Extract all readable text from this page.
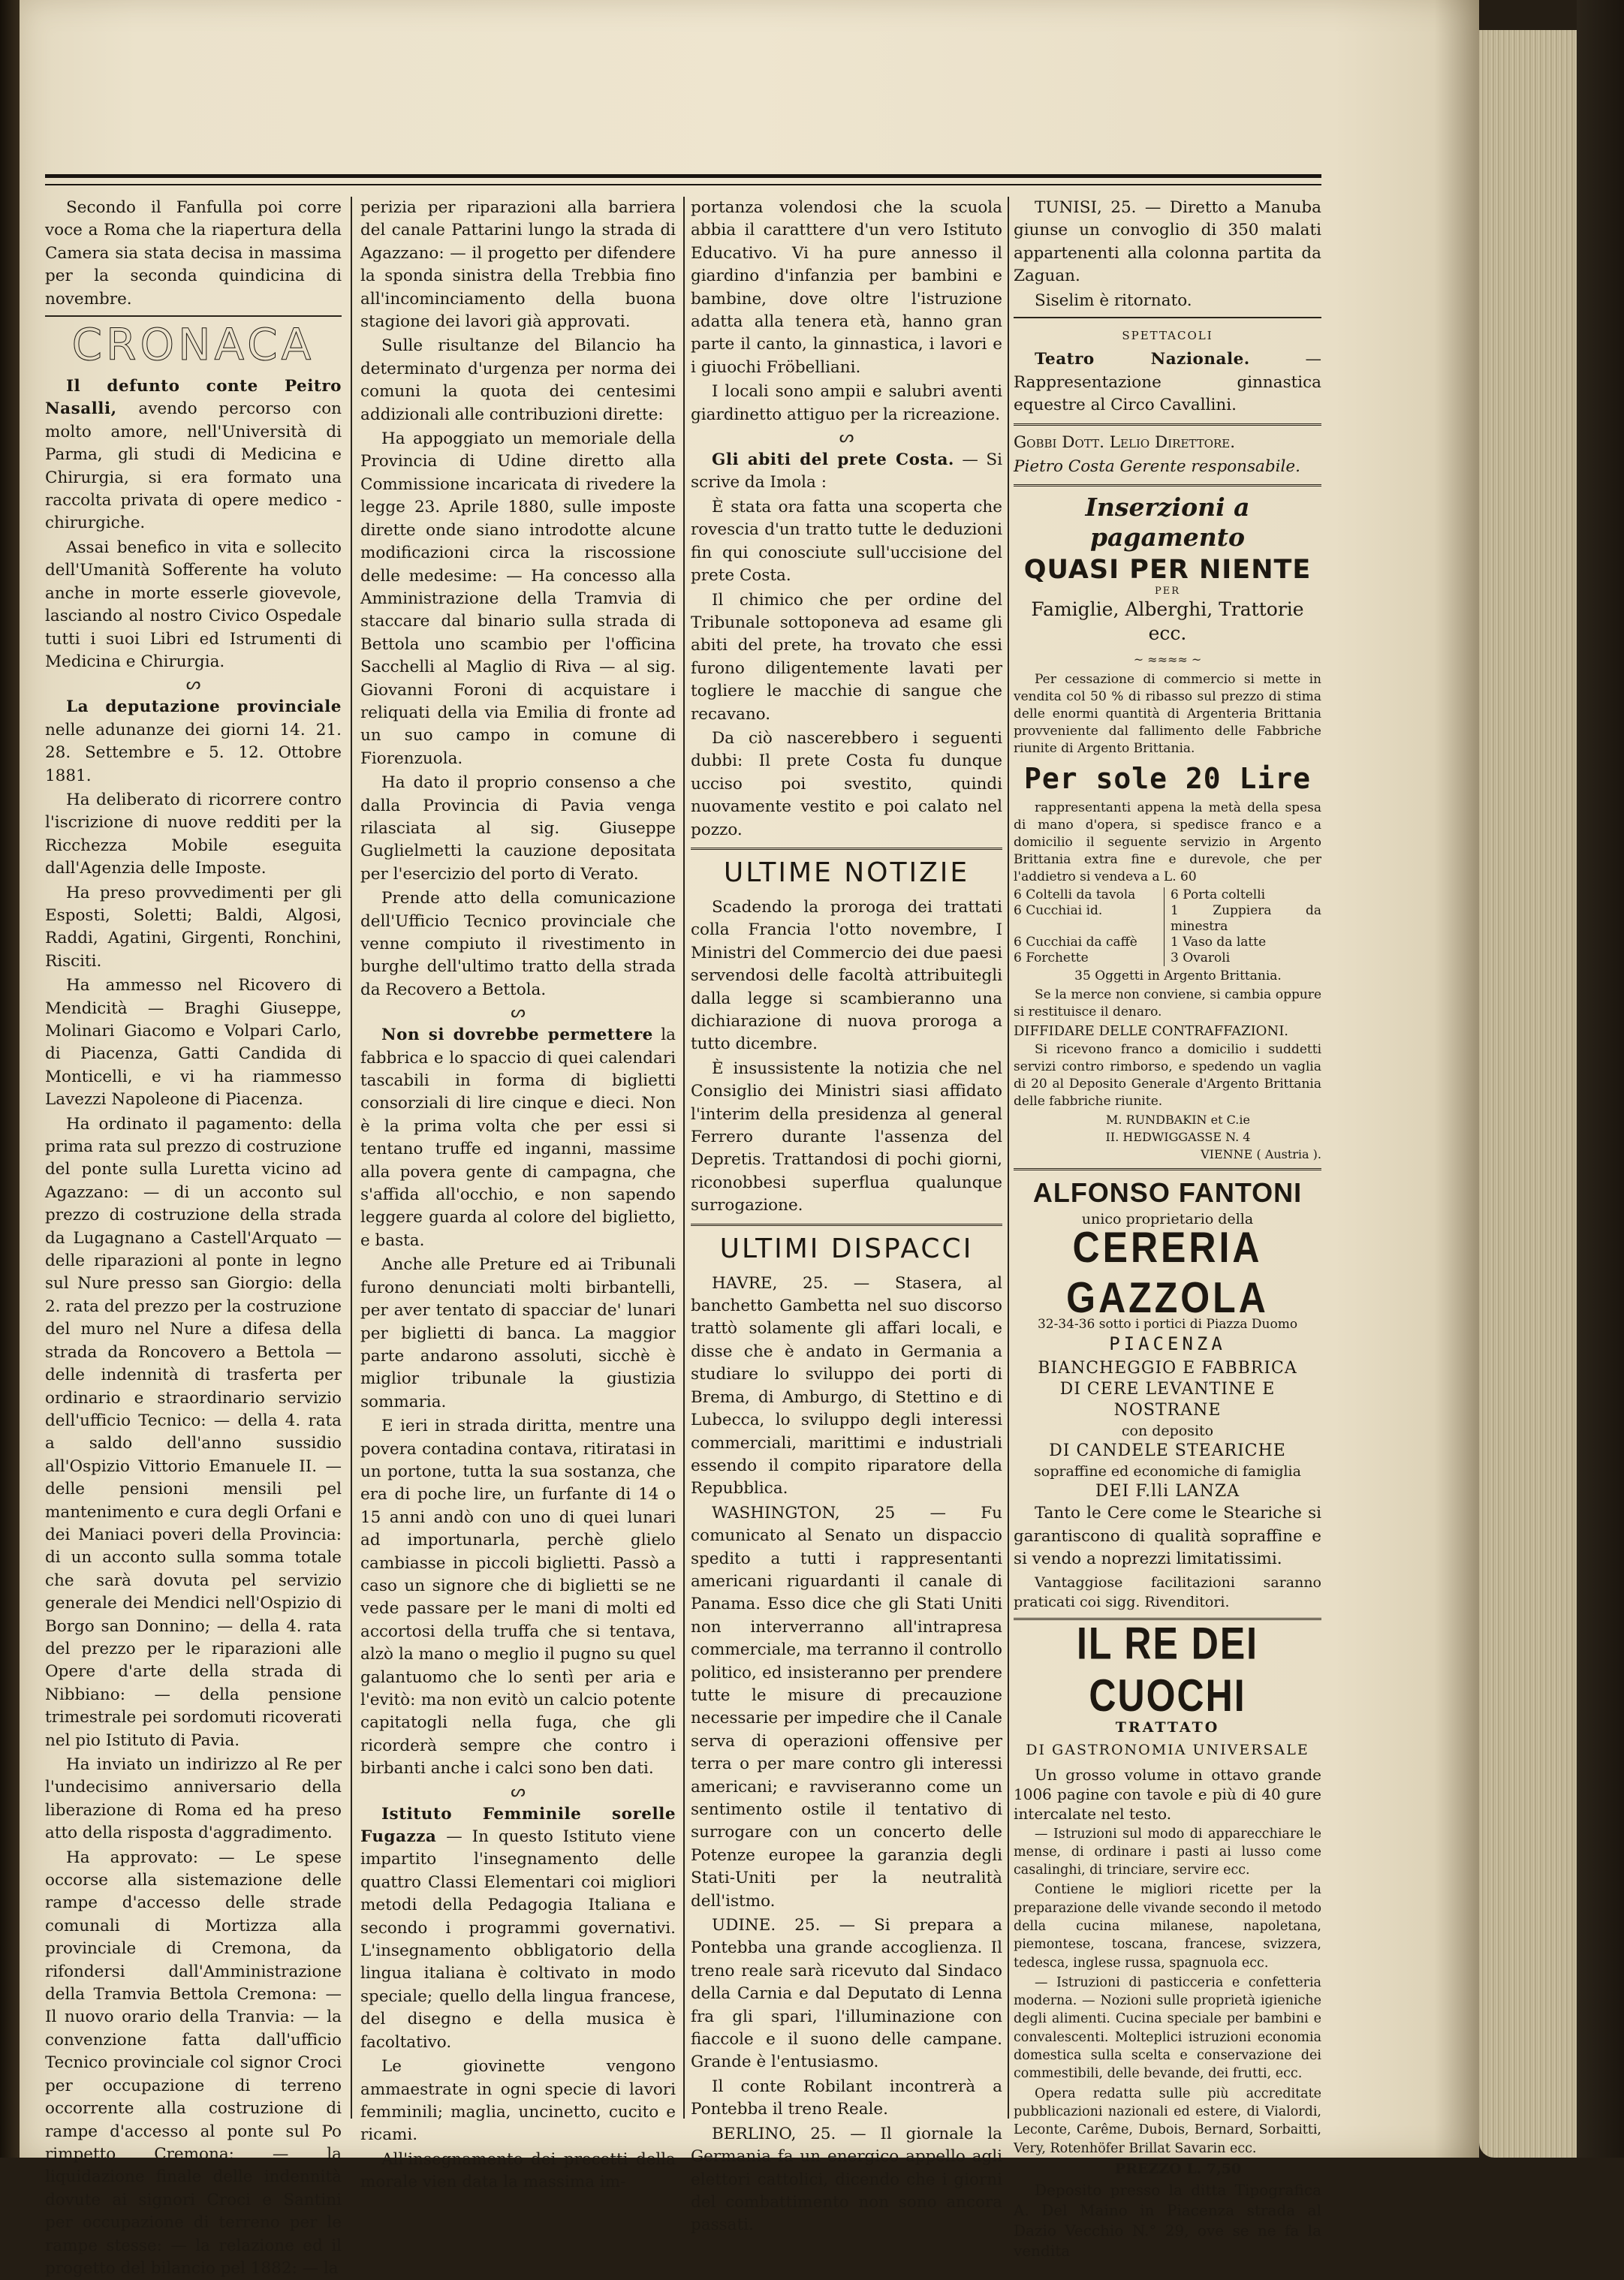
Secondo il Fanfulla poi corre voce a Roma che la riapertura della Camera sia stata decisa in massima per la seconda quindicina di novembre.

CRONACA

Il defunto conte Peitro Nasalli, avendo percorso con molto amore, nell'Università di Parma, gli studi di Medicina e Chirurgia, si era formato una raccolta privata di opere medico - chirurgiche.

Assai benefico in vita e sollecito dell'Umanità Sofferente ha voluto anche in morte esserle giovevole, lasciando al nostro Civico Ospedale tutti i suoi Libri ed Istrumenti di Medicina e Chirurgia.

ᔕ

La deputazione provinciale nelle adunanze dei giorni 14. 21. 28. Settembre e 5. 12. Ottobre 1881.

Ha deliberato di ricorrere contro l'iscrizione di nuove redditi per la Ricchezza Mobile eseguita dall'Agenzia delle Imposte.

Ha preso provvedimenti per gli Esposti, Soletti; Baldi, Algosi, Raddi, Agatini, Girgenti, Ronchini, Risciti.

Ha ammesso nel Ricovero di Mendicità — Braghi Giuseppe, Molinari Giacomo e Volpari Carlo, di Piacenza, Gatti Candida di Monticelli, e vi ha riammesso Lavezzi Napoleone di Piacenza.

Ha ordinato il pagamento: della prima rata sul prezzo di costruzione del ponte sulla Luretta vicino ad Agazzano: — di un acconto sul prezzo di costruzione della strada da Lugagnano a Castell'Arquato — delle riparazioni al ponte in legno sul Nure presso san Giorgio: della 2. rata del prezzo per la costruzione del muro nel Nure a difesa della strada da Roncovero a Bettola — delle indennità di trasferta per ordinario e straordinario servizio dell'ufficio Tecnico: — della 4. rata a saldo dell'anno sussidio all'Ospizio Vittorio Emanuele II. — delle pensioni mensili pel mantenimento e cura degli Orfani e dei Maniaci poveri della Provincia: di un acconto sulla somma totale che sarà dovuta pel servizio generale dei Mendici nell'Ospizio di Borgo san Donnino; — della 4. rata del prezzo per le riparazioni alle Opere d'arte della strada di Nibbiano: — della pensione trimestrale pei sordomuti ricoverati nel pio Istituto di Pavia.

Ha inviato un indirizzo al Re per l'undecisimo anniversario della liberazione di Roma ed ha preso atto della risposta d'aggradimento.

Ha approvato: — Le spese occorse alla sistemazione delle rampe d'accesso delle strade comunali di Mortizza alla provinciale di Cremona, da rifondersi dall'Amministrazione della Tramvia Bettola Cremona: — Il nuovo orario della Tranvia: — la convenzione fatta dall'ufficio Tecnico provinciale col signor Croci per occupazione di terreno occorrente alla costruzione di rampe d'accesso al ponte sul Po rimpetto Cremona: — la liquidazione finale delle indennità dovute ai signori Croci e Santini per occupazione di terreno per le rampe stesse: — la relazione ed il progetto del bilancio pel 1882: — la

perizia per riparazioni alla barriera del canale Pattarini lungo la strada di Agazzano: — il progetto per difendere la sponda sinistra della Trebbia fino all'incominciamento della buona stagione dei lavori già approvati.

Sulle risultanze del Bilancio ha determinato d'urgenza per norma dei comuni la quota dei centesimi addizionali alle contribuzioni dirette:

Ha appoggiato un memoriale della Provincia di Udine diretto alla Commissione incaricata di rivedere la legge 23. Aprile 1880, sulle imposte dirette onde siano introdotte alcune modificazioni circa la riscossione delle medesime: — Ha concesso alla Amministrazione della Tramvia di staccare dal binario sulla strada di Bettola uno scambio per l'officina Sacchelli al Maglio di Riva — al sig. Giovanni Foroni di acquistare i reliquati della via Emilia di fronte ad un suo campo in comune di Fiorenzuola.

Ha dato il proprio consenso a che dalla Provincia di Pavia venga rilasciata al sig. Giuseppe Guglielmetti la cauzione depositata per l'esercizio del porto di Verato.

Prende atto della comunicazione dell'Ufficio Tecnico provinciale che venne compiuto il rivestimento in burghe dell'ultimo tratto della strada da Recovero a Bettola.

ᔕ

Non si dovrebbe permettere la fabbrica e lo spaccio di quei calendari tascabili in forma di biglietti consorziali di lire cinque e dieci. Non è la prima volta che per essi si tentano truffe ed inganni, massime alla povera gente di campagna, che s'affida all'occhio, e non sapendo leggere guarda al colore del biglietto, e basta.

Anche alle Preture ed ai Tribunali furono denunciati molti birbantelli, per aver tentato di spacciar de' lunari per biglietti di banca. La maggior parte andarono assoluti, sicchè è miglior tribunale la giustizia sommaria.

E ieri in strada diritta, mentre una povera contadina contava, ritiratasi in un portone, tutta la sua sostanza, che era di poche lire, un furfante di 14 o 15 anni andò con uno di quei lunari ad importunarla, perchè glielo cambiasse in piccoli biglietti. Passò a caso un signore che di biglietti se ne vede passare per le mani di molti ed accortosi della truffa che si tentava, alzò la mano o meglio il pugno su quel galantuomo che lo sentì per aria e l'evitò: ma non evitò un calcio potente capitatogli nella fuga, che gli ricorderà sempre che contro i birbanti anche i calci sono ben dati.

ᔕ

Istituto Femminile sorelle Fugazza — In questo Istituto viene impartito l'insegnamento delle quattro Classi Elementari coi migliori metodi della Pedagogia Italiana e secondo i programmi governativi. L'insegnamento obbligatorio della lingua italiana è coltivato in modo speciale; quello della lingua francese, del disegno e della musica è facoltativo.

Le giovinette vengono ammaestrate in ogni specie di lavori femminili; maglia, uncinetto, cucito e ricami.

All'insegnamento dei precetti della morale vien data la massima im-

portanza volendosi che la scuola abbia il caratttere d'un vero Istituto Educativo. Vi ha pure annesso il giardino d'infanzia per bambini e bambine, dove oltre l'istruzione adatta alla tenera età, hanno gran parte il canto, la ginnastica, i lavori e i giuochi Fröbelliani.

I locali sono ampii e salubri aventi giardinetto attiguo per la ricreazione.

ᔕ

Gli abiti del prete Costa. — Si scrive da Imola :

È stata ora fatta una scoperta che rovescia d'un tratto tutte le deduzioni fin qui conosciute sull'uccisione del prete Costa.

Il chimico che per ordine del Tribunale sottoponeva ad esame gli abiti del prete, ha trovato che essi furono diligentemente lavati per togliere le macchie di sangue che recavano.

Da ciò nascerebbero i seguenti dubbi: Il prete Costa fu dunque ucciso poi svestito, quindi nuovamente vestito e poi calato nel pozzo.

ULTIME NOTIZIE

Scadendo la proroga dei trattati colla Francia l'otto novembre, I Ministri del Commercio dei due paesi servendosi delle facoltà attribuitegli dalla legge si scambieranno una dichiarazione di nuova proroga a tutto dicembre.

È insussistente la notizia che nel Consiglio dei Ministri siasi affidato l'interim della presidenza al general Ferrero durante l'assenza del Depretis. Trattandosi di pochi giorni, riconobbesi superflua qualunque surrogazione.

ULTIMI DISPACCI

HAVRE, 25. — Stasera, al banchetto Gambetta nel suo discorso trattò solamente gli affari locali, e disse che è andato in Germania a studiare lo sviluppo dei porti di Brema, di Amburgo, di Stettino e di Lubecca, lo sviluppo degli interessi commerciali, marittimi e industriali essendo il compito riparatore della Repubblica.

WASHINGTON, 25 — Fu comunicato al Senato un dispaccio spedito a tutti i rappresentanti americani riguardanti il canale di Panama. Esso dice che gli Stati Uniti non interverranno all'intrapresa commerciale, ma terranno il controllo politico, ed insisteranno per prendere tutte le misure di precauzione necessarie per impedire che il Canale serva di operazioni offensive per terra o per mare contro gli interessi americani; e ravviseranno come un sentimento ostile il tentativo di surrogare con un concerto delle Potenze europee la garanzia degli Stati-Uniti per la neutralità dell'istmo.

UDINE. 25. — Si prepara a Pontebba una grande accoglienza. Il treno reale sarà ricevuto dal Sindaco della Carnia e dal Deputato di Lenna fra gli spari, l'illuminazione con fiaccole e il suono delle campane. Grande è l'entusiasmo.

Il conte Robilant incontrerà a Pontebba il treno Reale.

BERLINO, 25. — Il giornale la Germania fa un energico appello agli elettori cattolici, dicendo che i giorni del combattimento non sono ancora passati.

TUNISI, 25. — Diretto a Manuba giunse un convoglio di 350 malati appartenenti alla colonna partita da Zaguan.

Siselim è ritornato.

SPETTACOLI

Teatro Nazionale.	— Rappresentazione ginnastica equestre al Circo Cavallini.

Gobbi Dott. Lelio Direttore.

Pietro Costa Gerente responsabile.

Inserzioni a pagamento
QUASI PER NIENTE
PER
Famiglie, Alberghi, Trattorie ecc.
~ ≈≈≈≈ ~

Per cessazione di commercio si mette in vendita col 50 % di ribasso sul prezzo di stima delle enormi quantità di Argenteria Brittania provveniente dal fallimento delle Fabbriche riunite di Argento Brittania.

Per sole 20 Lire

rappresentanti appena la metà della spesa di mano d'opera, si spedisce franco e a domicilio il seguente servizio in Argento Brittania extra fine e durevole, che per l'addietro si vendeva a L. 60

6 Coltelli da tavola	6 Porta coltelli
6 Cucchiai id.	1 Zuppiera da minestra
6 Cucchiai da caffè	1 Vaso da latte
6 Forchette	3 Ovaroli

35 Oggetti in Argento Brittania.

Se la merce non conviene, si cambia oppure si restituisce il denaro.

DIFFIDARE DELLE CONTRAFFAZIONI.

Si ricevono franco a domicilio i suddetti servizi contro rimborso, e spedendo un vaglia di 20 al Deposito Generale d'Argento Brittania delle fabbriche riunite.

M. RUNDBAKIN et C.ie

II. HEDWIGGASSE N. 4

VIENNE ( Austria ).

ALFONSO FANTONI
unico proprietario della
CERERIA GAZZOLA
32-34-36 sotto i portici di Piazza Duomo
PIACENZA
BIANCHEGGIO E FABBRICA
DI CERE LEVANTINE E NOSTRANE
con deposito
DI CANDELE STEARICHE
sopraffine ed economiche di famiglia
DEI F.lli LANZA

Tanto le Cere come le Steariche si garantiscono di qualità sopraffine e si vendo a noprezzi limitatissimi.

Vantaggiose facilitazioni saranno praticati coi sigg. Rivenditori.

IL RE DEI CUOCHI
TRATTATO
DI GASTRONOMIA UNIVERSALE

Un grosso volume in ottavo grande 1006 pagine con tavole e più di 40 gure intercalate nel testo.

— Istruzioni sul modo di apparecchiare le mense, di ordinare i pasti ai lusso come casalinghi, di trinciare, servire ecc.

Contiene le migliori ricette per la preparazione delle vivande secondo il metodo della cucina milanese, napoletana, piemontese, toscana, francese, svizzera, tedesca, inglese russa, spagnuola ecc.

— Istruzioni di pasticceria e confetteria moderna. — Nozioni sulle proprietà igieniche degli alimenti. Cucina speciale per bambini e convalescenti. Molteplici istruzioni economia domestica sulla scelta e conservazione dei commestibili, delle bevande, dei frutti, ecc.

Opera redatta sulle più accreditate pubblicazioni nazionali ed estere, di Vialordi, Leconte, Carême, Dubois, Bernard, Sorbaitti, Very, Rotenhöfer Brillat Savarin ecc.

PREZZO L. 7,50

Deposito presso la ditta Tipografica A. Del Maino in Piacenza strada al Dazio Vecchio N.° 29, ove se ne fa la vendita
